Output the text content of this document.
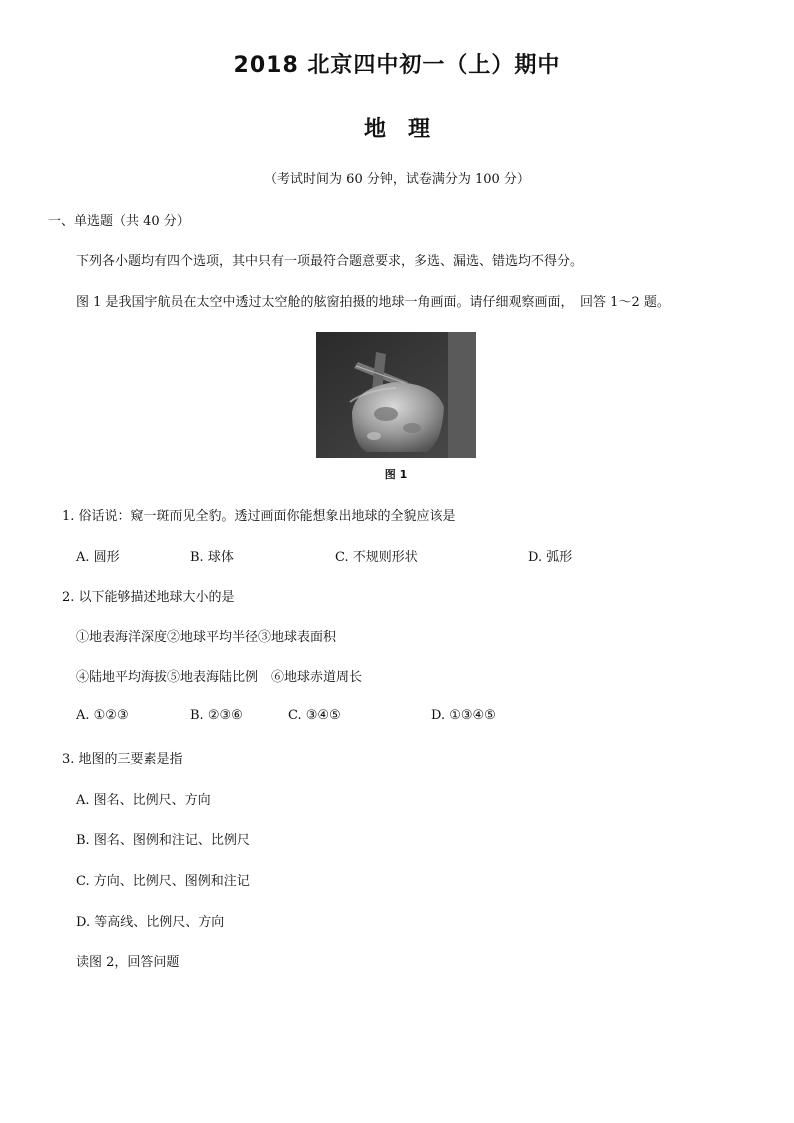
2018 北京四中初一（上）期中
地　理
（考试时间为 60 分钟，试卷满分为 100 分）
一、单选题（共 40 分）
下列各小题均有四个选项，其中只有一项最符合题意要求，多选、漏选、错选均不得分。
图 1 是我国宇航员在太空中透过太空舱的舷窗拍摄的地球一角画面。请仔细观察画面，　回答 1～2 题。
图 1
1. 俗话说：窥一斑而见全豹。透过画面你能想象出地球的全貌应该是
A. 圆形	B. 球体	C. 不规则形状	D. 弧形
2. 以下能够描述地球大小的是
①地表海洋深度②地球平均半径③地球表面积
④陆地平均海拔⑤地表海陆比例　⑥地球赤道周长
A. ①②③	B. ②③⑥	C. ③④⑤	D. ①③④⑤
3. 地图的三要素是指
A. 图名、比例尺、方向
B. 图名、图例和注记、比例尺
C. 方向、比例尺、图例和注记
D. 等高线、比例尺、方向
读图 2，回答问题
